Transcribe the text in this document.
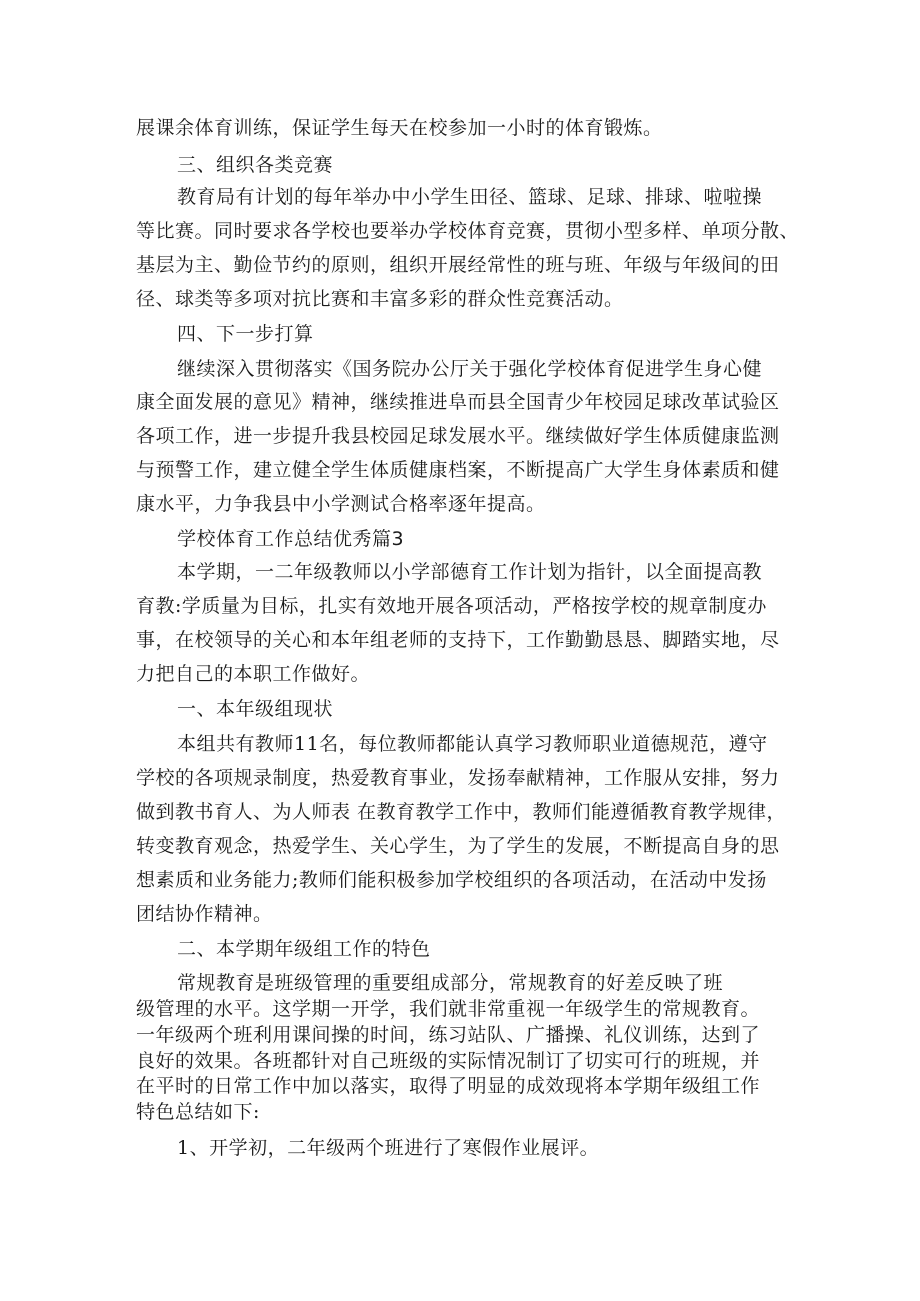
展课余体育训练，保证学生每天在校参加一小时的体育锻炼。
三、组织各类竞赛
教育局有计划的每年举办中小学生田径、篮球、足球、排球、啦啦操
等比赛。同时要求各学校也要举办学校体育竞赛，贯彻小型多样、单项分散、
基层为主、勤俭节约的原则，组织开展经常性的班与班、年级与年级间的田
径、球类等多项对抗比赛和丰富多彩的群众性竞赛活动。
四、下一步打算
继续深入贯彻落实《国务院办公厅关于强化学校体育促进学生身心健
康全面发展的意见》精神，继续推进阜而县全国青少年校园足球改革试验区
各项工作，进一步提升我县校园足球发展水平。继续做好学生体质健康监测
与预警工作，建立健全学生体质健康档案，不断提高广大学生身体素质和健
康水平，力争我县中小学测试合格率逐年提高。
学校体育工作总结优秀篇3
本学期，一二年级教师以小学部德育工作计划为指针，以全面提高教
育教:学质量为目标，扎实有效地开展各项活动，严格按学校的规章制度办
事，在校领导的关心和本年组老师的支持下，工作勤勤恳恳、脚踏实地，尽
力把自己的本职工作做好。
一、本年级组现状
本组共有教师11名，每位教师都能认真学习教师职业道德规范，遵守
学校的各项规录制度，热爱教育事业，发扬奉献精神，工作服从安排，努力
做到教书育人、为人师表 在教育教学工作中，教师们能遵循教育教学规律，
转变教育观念，热爱学生、关心学生，为了学生的发展，不断提高自身的思
想素质和业务能力;教师们能积极参加学校组织的各项活动，在活动中发扬
团结协作精神。
二、本学期年级组工作的特色
常规教育是班级管理的重要组成部分，常规教育的好差反映了班
级管理的水平。这学期一开学，我们就非常重视一年级学生的常规教育。
一年级两个班利用课间操的时间，练习站队、广播操、礼仪训练，达到了
良好的效果。各班都针对自己班级的实际情况制订了切实可行的班规，并
在平时的日常工作中加以落实，取得了明显的成效现将本学期年级组工作
特色总结如下:
1、开学初，二年级两个班进行了寒假作业展评。
